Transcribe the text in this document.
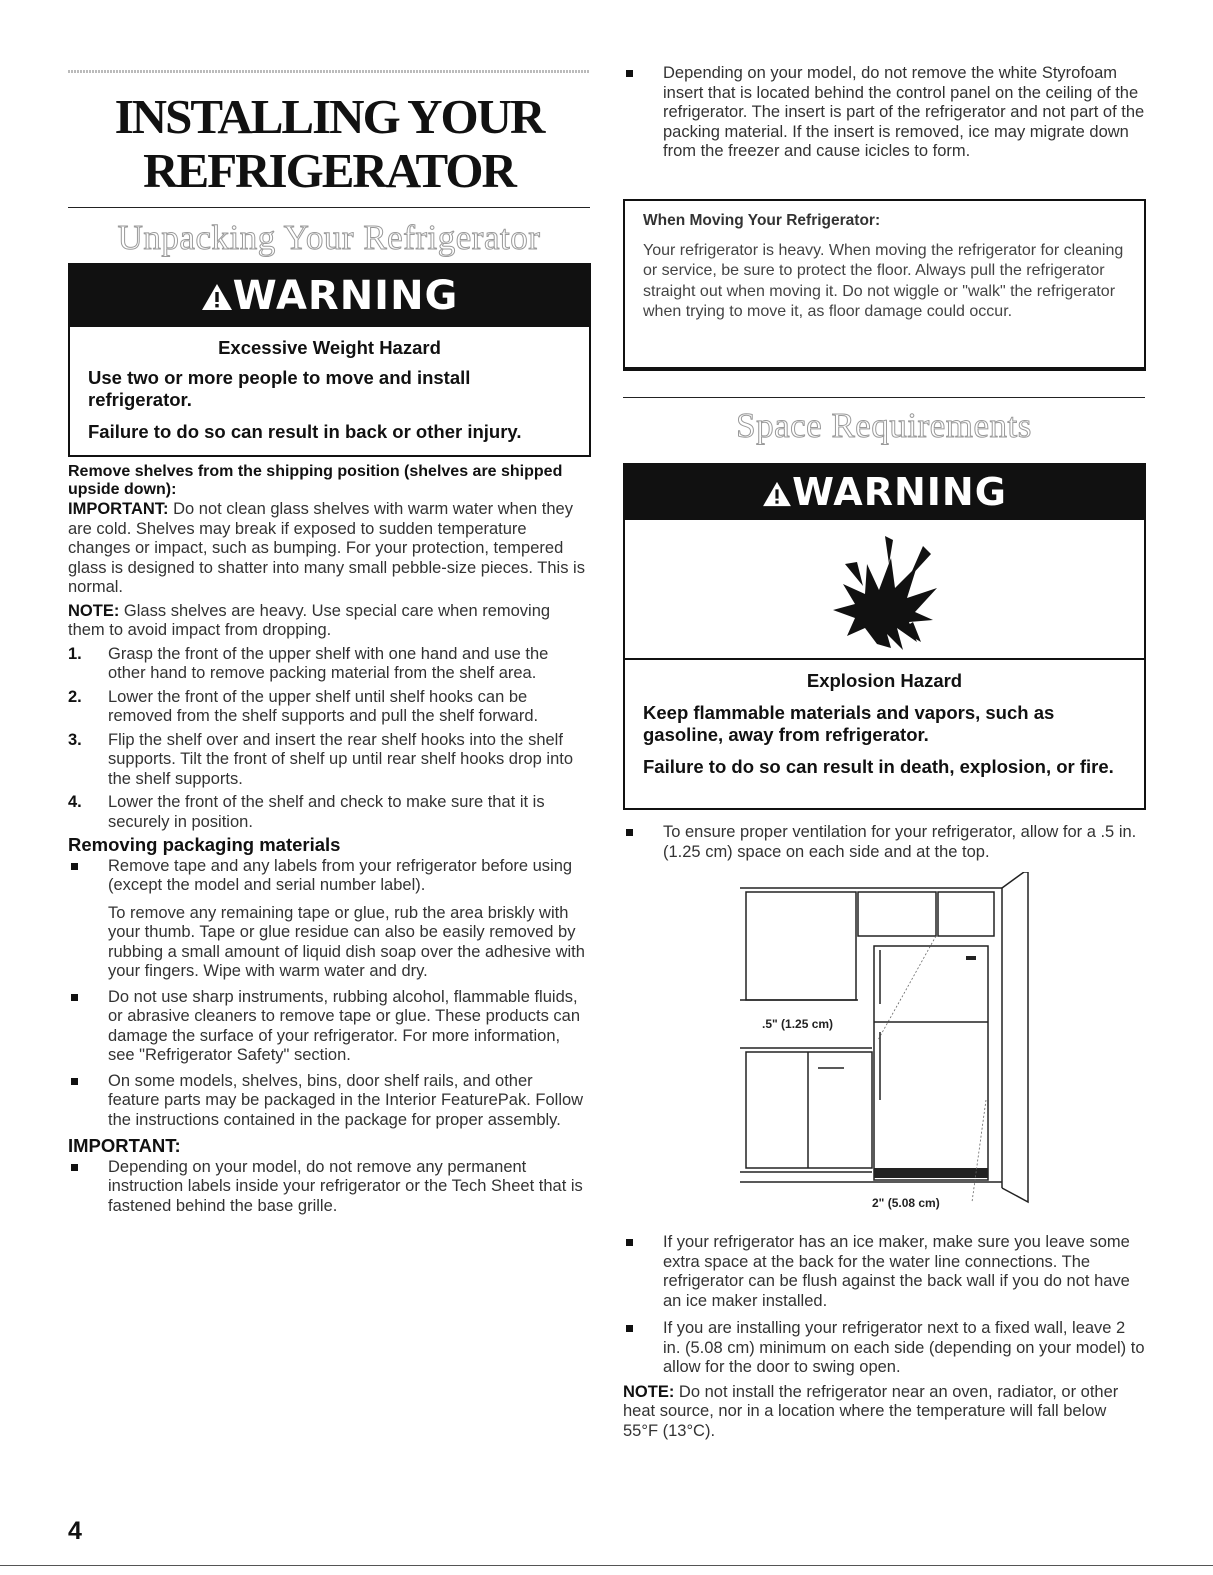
INSTALLING YOUR
REFRIGERATOR
Unpacking Your Refrigerator
WARNING
Excessive Weight Hazard
Use two or more people to move and install refrigerator.
Failure to do so can result in back or other injury.

Remove shelves from the shipping position (shelves are shipped upside down):

IMPORTANT: Do not clean glass shelves with warm water when they are cold. Shelves may break if exposed to sudden temperature changes or impact, such as bumping. For your protection, tempered glass is designed to shatter into many small pebble-size pieces. This is normal.

NOTE: Glass shelves are heavy. Use special care when removing them to avoid impact from dropping.

1. Grasp the front of the upper shelf with one hand and use the other hand to remove packing material from the shelf area.
2. Lower the front of the upper shelf until shelf hooks can be removed from the shelf supports and pull the shelf forward.
3. Flip the shelf over and insert the rear shelf hooks into the shelf supports. Tilt the front of shelf up until rear shelf hooks drop into the shelf supports.
4. Lower the front of the shelf and check to make sure that it is securely in position.

Removing packaging materials

Remove tape and any labels from your refrigerator before using (except the model and serial number label).

To remove any remaining tape or glue, rub the area briskly with your thumb. Tape or glue residue can also be easily removed by rubbing a small amount of liquid dish soap over the adhesive with your fingers. Wipe with warm water and dry.

Do not use sharp instruments, rubbing alcohol, flammable fluids, or abrasive cleaners to remove tape or glue. These products can damage the surface of your refrigerator. For more information, see "Refrigerator Safety" section.

On some models, shelves, bins, door shelf rails, and other feature parts may be packaged in the Interior FeaturePak. Follow the instructions contained in the package for proper assembly.

IMPORTANT:

Depending on your model, do not remove any permanent instruction labels inside your refrigerator or the Tech Sheet that is fastened behind the base grille.

Depending on your model, do not remove the white Styrofoam insert that is located behind the control panel on the ceiling of the refrigerator. The insert is part of the refrigerator and not part of the packing material. If the insert is removed, ice may migrate down from the freezer and cause icicles to form.

When Moving Your Refrigerator:

Your refrigerator is heavy. When moving the refrigerator for cleaning or service, be sure to protect the floor. Always pull the refrigerator straight out when moving it. Do not wiggle or "walk" the refrigerator when trying to move it, as floor damage could occur.

Space Requirements
WARNING
Explosion Hazard
Keep flammable materials and vapors, such as gasoline, away from refrigerator.
Failure to do so can result in death, explosion, or fire.

To ensure proper ventilation for your refrigerator, allow for a .5 in. (1.25 cm) space on each side and at the top.

.5" (1.25 cm)
2" (5.08 cm)

If your refrigerator has an ice maker, make sure you leave some extra space at the back for the water line connections. The refrigerator can be flush against the back wall if you do not have an ice maker installed.

If you are installing your refrigerator next to a fixed wall, leave 2 in. (5.08 cm) minimum on each side (depending on your model) to allow for the door to swing open.

NOTE: Do not install the refrigerator near an oven, radiator, or other heat source, nor in a location where the temperature will fall below 55°F (13°C).

4
